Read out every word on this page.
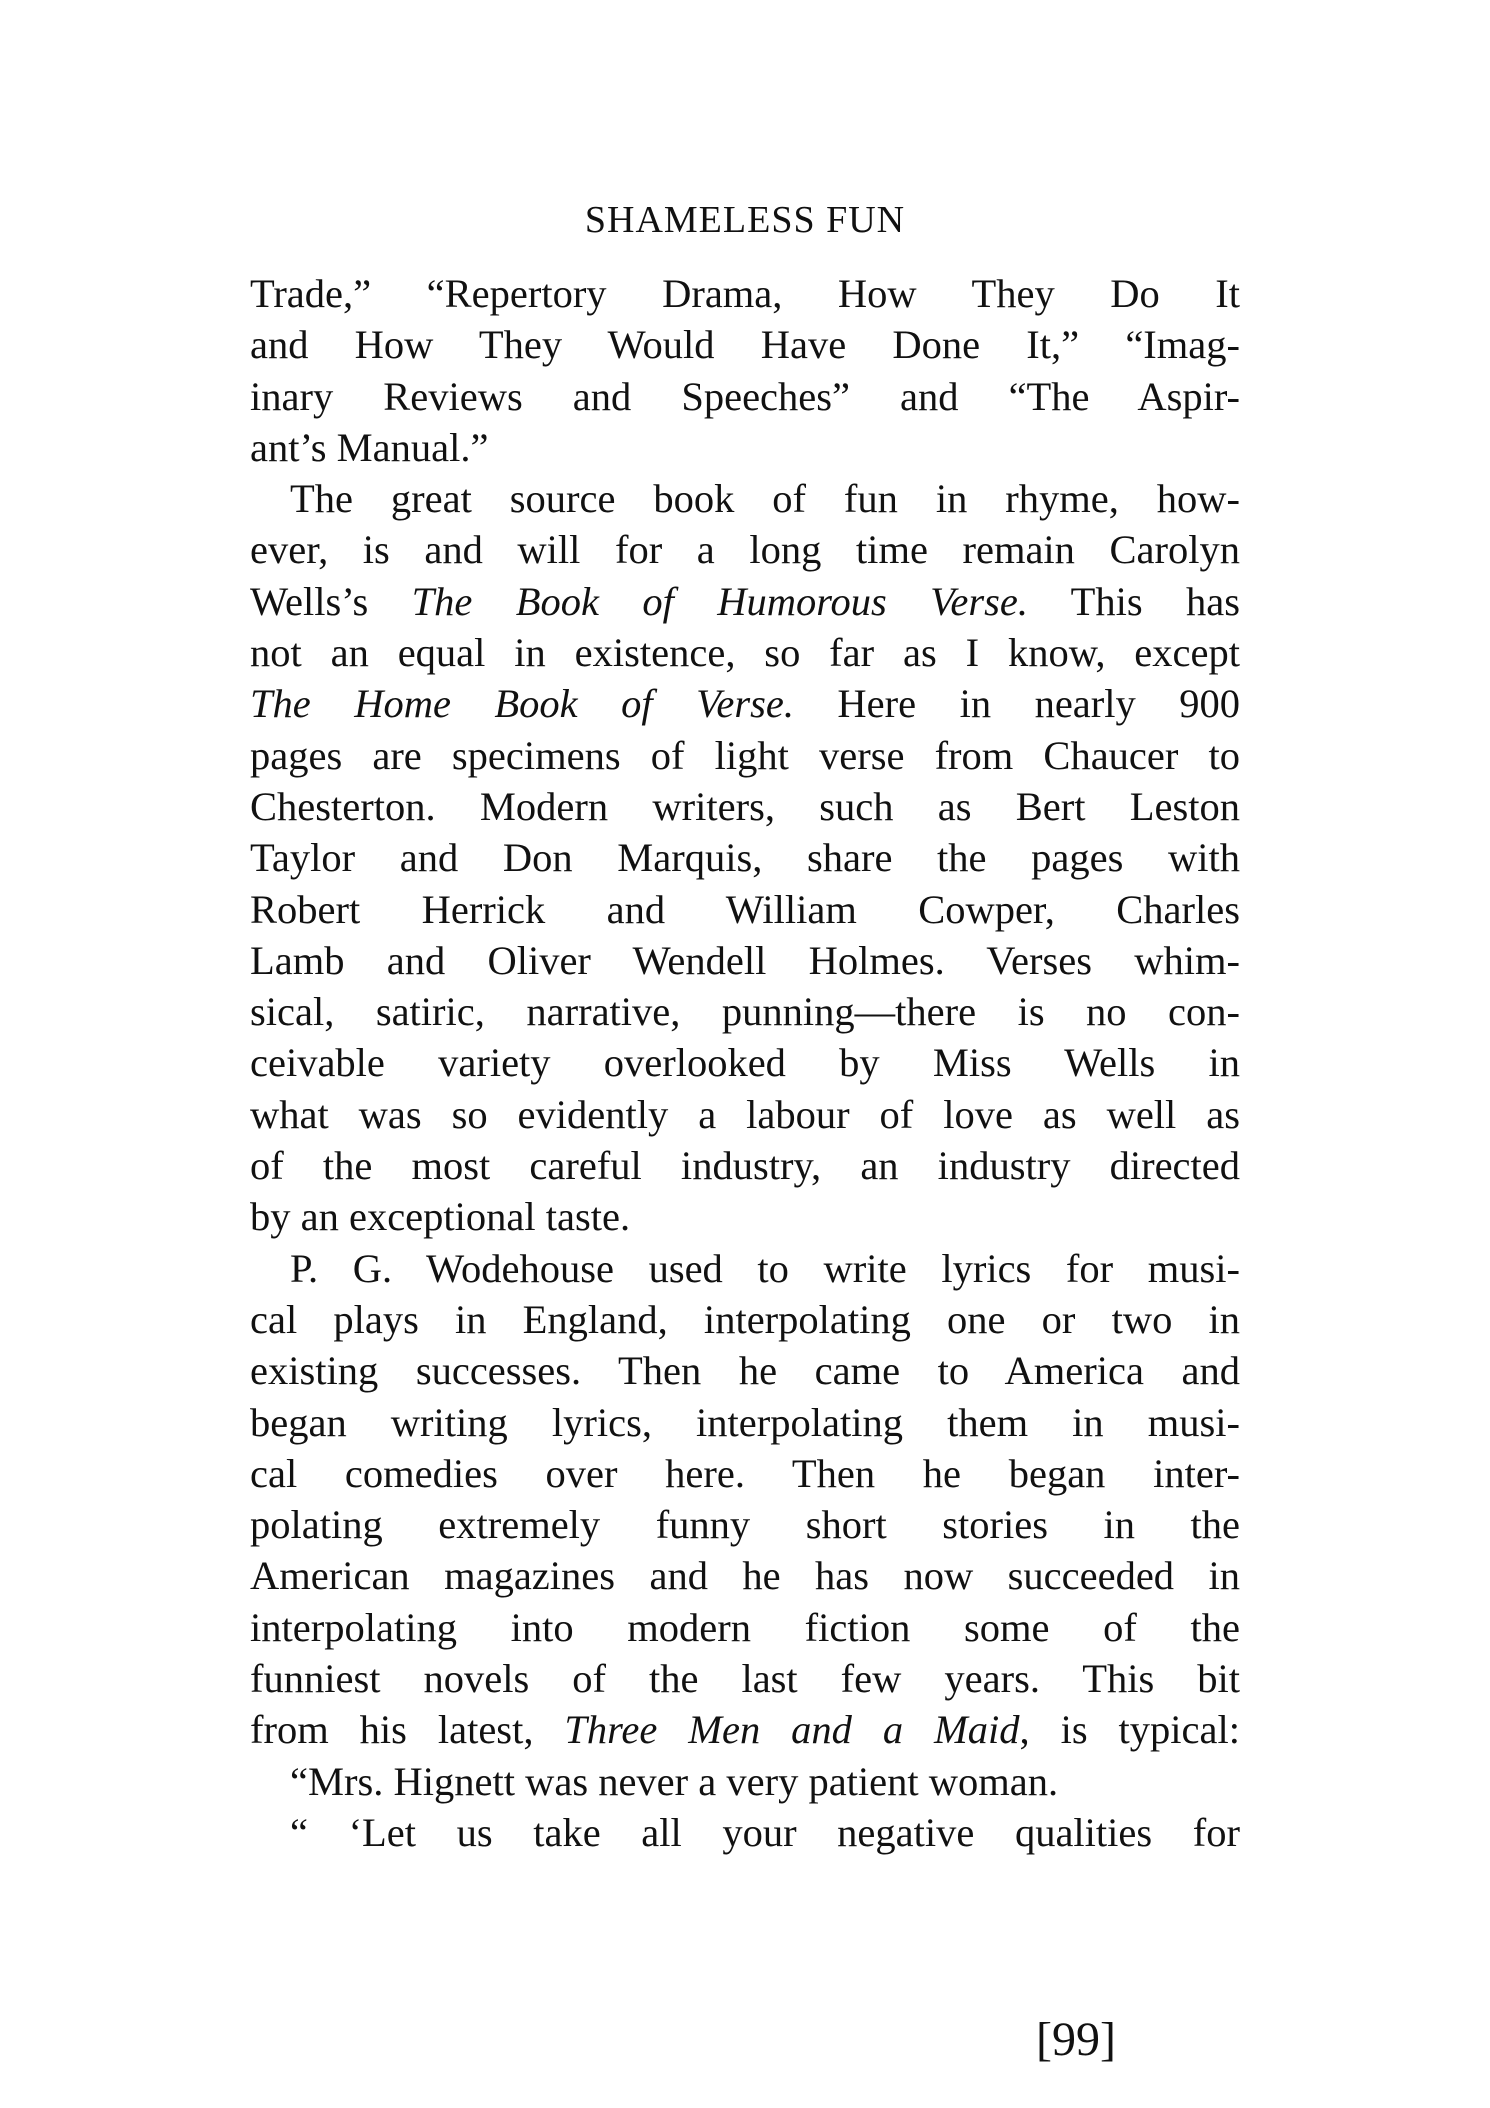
SHAMELESS FUN
Trade,” “Repertory Drama, How They Do It
and How They Would Have Done It,” “Imag-
inary Reviews and Speeches” and “The Aspir-
ant’s Manual.”
The great source book of fun in rhyme, how-
ever, is and will for a long time remain Carolyn
Wells’s The Book of Humorous Verse. This has
not an equal in existence, so far as I know, except
The Home Book of Verse. Here in nearly 900
pages are specimens of light verse from Chaucer to
Chesterton. Modern writers, such as Bert Leston
Taylor and Don Marquis, share the pages with
Robert Herrick and William Cowper, Charles
Lamb and Oliver Wendell Holmes. Verses whim-
sical, satiric, narrative, punning—there is no con-
ceivable variety overlooked by Miss Wells in
what was so evidently a labour of love as well as
of the most careful industry, an industry directed
by an exceptional taste.
P. G. Wodehouse used to write lyrics for musi-
cal plays in England, interpolating one or two in
existing successes. Then he came to America and
began writing lyrics, interpolating them in musi-
cal comedies over here. Then he began inter-
polating extremely funny short stories in the
American magazines and he has now succeeded in
interpolating into modern fiction some of the
funniest novels of the last few years. This bit
from his latest, Three Men and a Maid, is typical:
“Mrs. Hignett was never a very patient woman.
“ ‘Let us take all your negative qualities for
[99]
